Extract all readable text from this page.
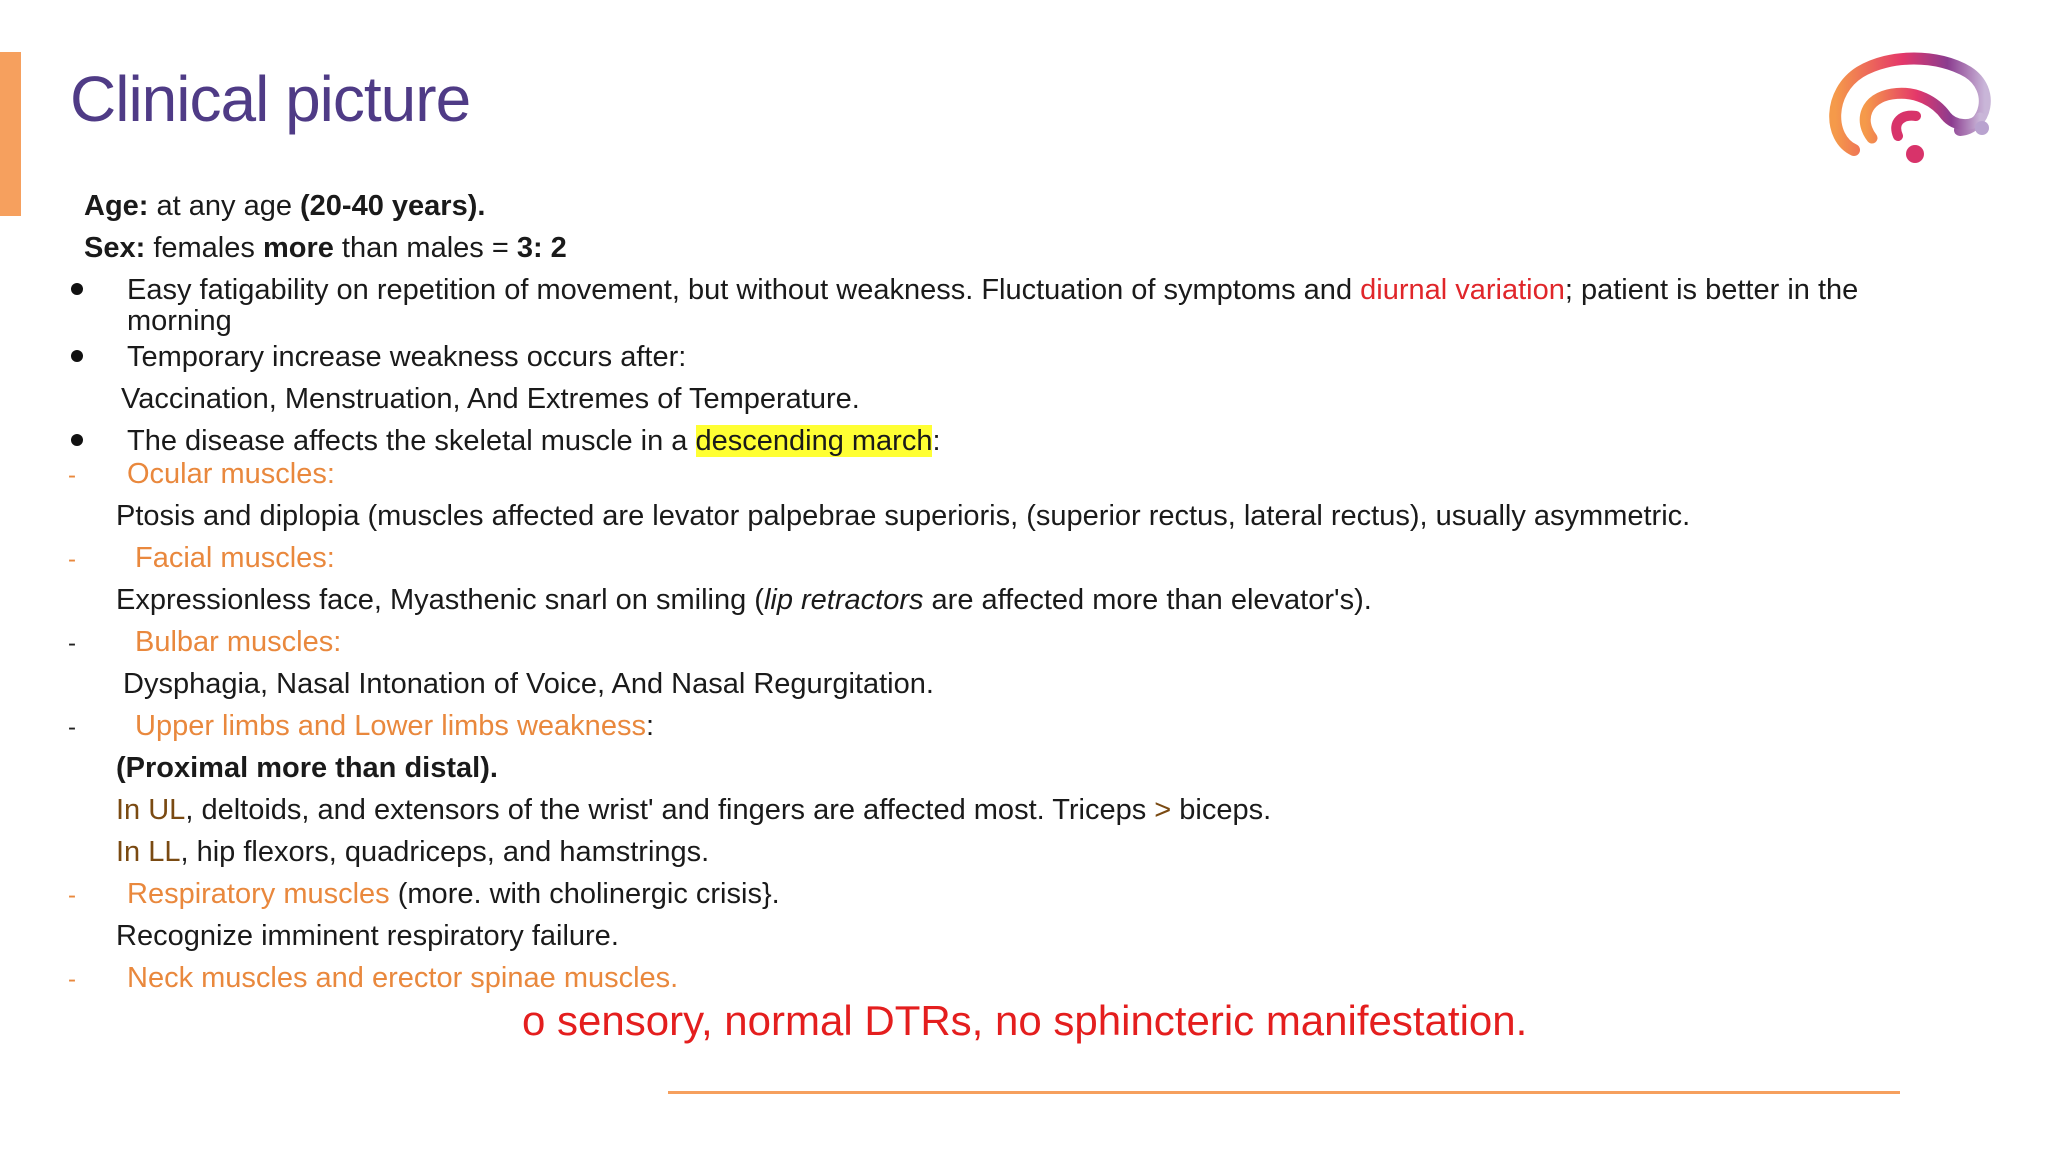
Clinical picture
Age: at any age (20-40 years).
Sex: females more than males = 3: 2
Easy fatigability on repetition of movement, but without weakness. Fluctuation of symptoms and diurnal variation; patient is better in the
morning
Temporary increase weakness occurs after:
Vaccination, Menstruation, And Extremes of Temperature.
The disease affects the skeletal muscle in a descending march:
- Ocular muscles:
Ptosis and diplopia (muscles affected are levator palpebrae superioris, (superior rectus, lateral rectus), usually asymmetric.
- Facial muscles:
Expressionless face, Myasthenic snarl on smiling (lip retractors are affected more than elevator's).
- Bulbar muscles:
Dysphagia, Nasal Intonation of Voice, And Nasal Regurgitation.
- Upper limbs and Lower limbs weakness:
(Proximal more than distal).
In UL, deltoids, and extensors of the wrist' and fingers are affected most. Triceps > biceps.
In LL, hip flexors, quadriceps, and hamstrings.
- Respiratory muscles (more. with cholinergic crisis}.
Recognize imminent respiratory failure.
- Neck muscles and erector spinae muscles.
o sensory, normal DTRs, no sphincteric manifestation.
